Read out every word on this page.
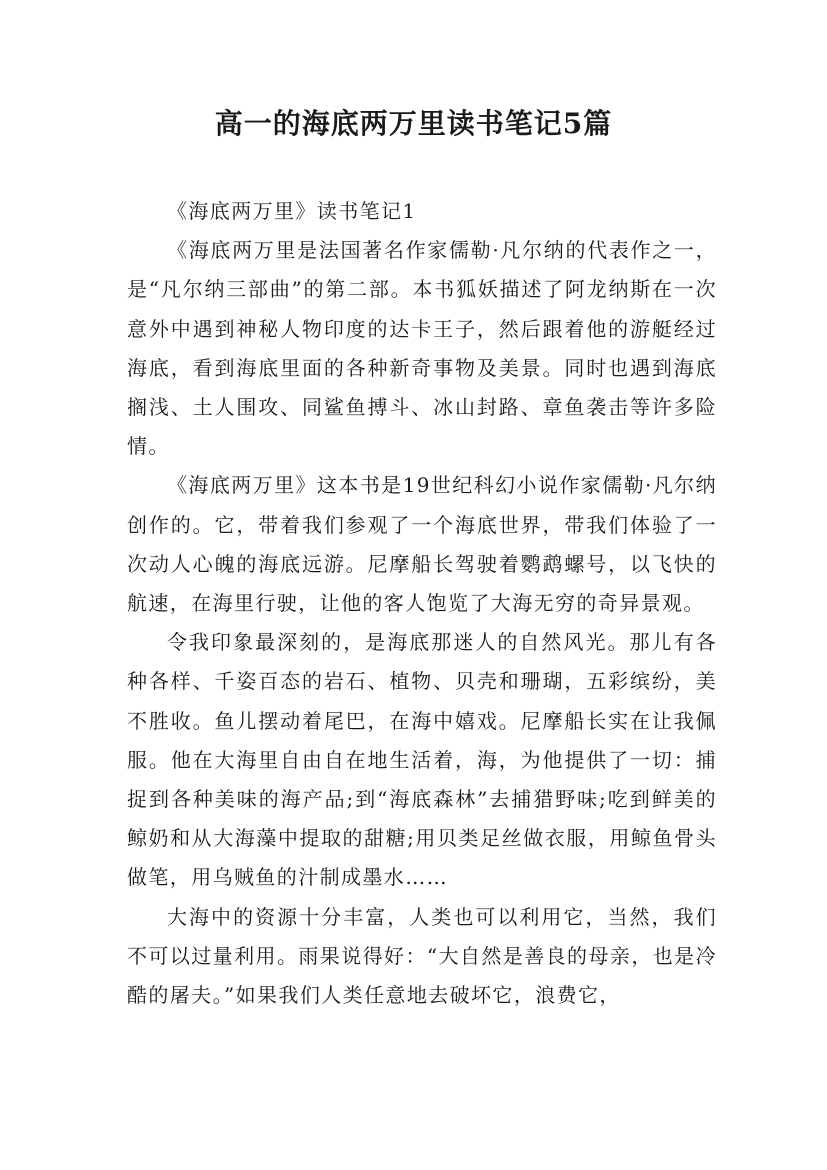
高一的海底两万里读书笔记5篇

《海底两万里》读书笔记1

《海底两万里是法国著名作家儒勒·凡尔纳的代表作之一，是“凡尔纳三部曲”的第二部。本书狐妖描述了阿龙纳斯在一次意外中遇到神秘人物印度的达卡王子，然后跟着他的游艇经过海底，看到海底里面的各种新奇事物及美景。同时也遇到海底搁浅、土人围攻、同鲨鱼搏斗、冰山封路、章鱼袭击等许多险情。

《海底两万里》这本书是19世纪科幻小说作家儒勒·凡尔纳创作的。它，带着我们参观了一个海底世界，带我们体验了一次动人心魄的海底远游。尼摩船长驾驶着鹦鹉螺号，以飞快的航速，在海里行驶，让他的客人饱览了大海无穷的奇异景观。

令我印象最深刻的，是海底那迷人的自然风光。那儿有各种各样、千姿百态的岩石、植物、贝壳和珊瑚，五彩缤纷，美不胜收。鱼儿摆动着尾巴，在海中嬉戏。尼摩船长实在让我佩服。他在大海里自由自在地生活着，海，为他提供了一切：捕捉到各种美味的海产品;到“海底森林”去捕猎野味;吃到鲜美的鲸奶和从大海藻中提取的甜糖;用贝类足丝做衣服，用鲸鱼骨头做笔，用乌贼鱼的汁制成墨水……

大海中的资源十分丰富，人类也可以利用它，当然，我们不可以过量利用。雨果说得好：“大自然是善良的母亲，也是冷酷的屠夫。”如果我们人类任意地去破坏它，浪费它，
